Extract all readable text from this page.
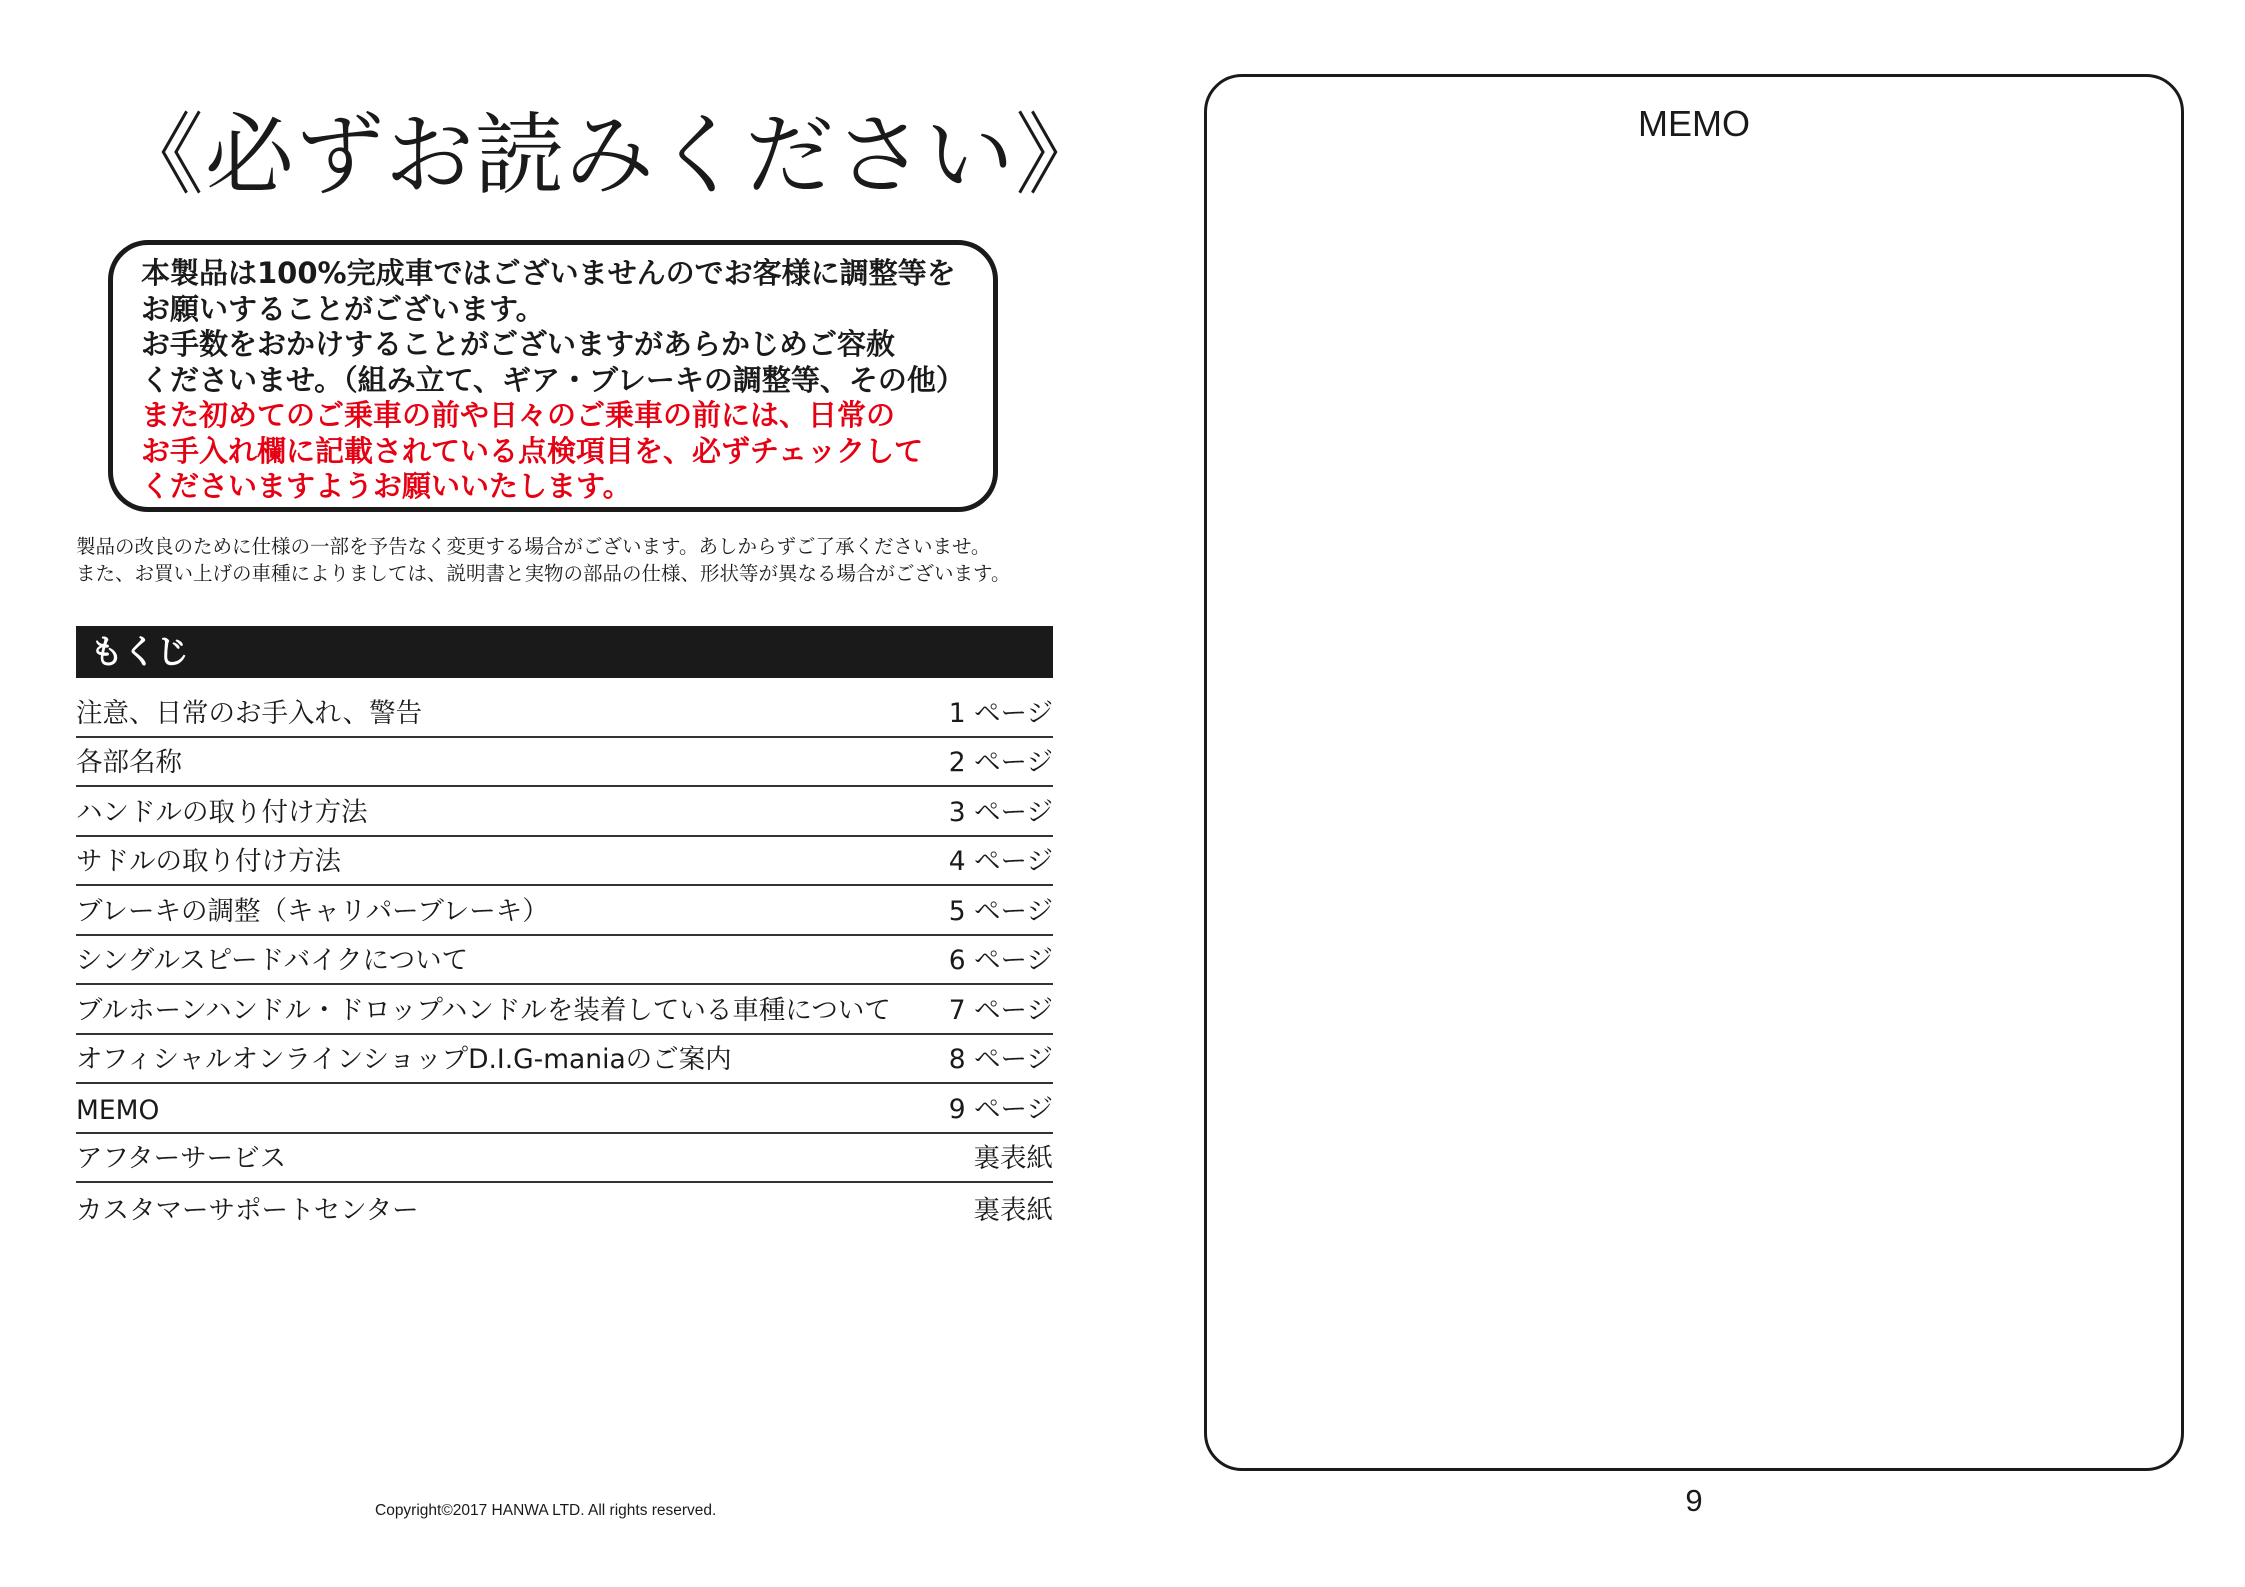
《必ずお読みください》
本製品は100%完成車ではございませんのでお客様に調整等を
お願いすることがございます。
お手数をおかけすることがございますがあらかじめご容赦
くださいませ。（組み立て、ギア・ブレーキの調整等、その他）
また初めてのご乗車の前や日々のご乗車の前には、日常の
お手入れ欄に記載されている点検項目を、必ずチェックして
くださいますようお願いいたします。
製品の改良のために仕様の一部を予告なく変更する場合がございます。あしからずご了承くださいませ。
また、お買い上げの車種によりましては、説明書と実物の部品の仕様、形状等が異なる場合がございます。
もくじ
注意、日常のお手入れ、警告	1 ページ
各部名称	2 ページ
ハンドルの取り付け方法	3 ページ
サドルの取り付け方法	4 ページ
ブレーキの調整（キャリパーブレーキ）	5 ページ
シングルスピードバイクについて	6 ページ
ブルホーンハンドル・ドロップハンドルを装着している車種について 7 ページ
オフィシャルオンラインショップD.I.G-maniaのご案内	8 ページ
MEMO	9 ページ
アフターサービス	裏表紙
カスタマーサポートセンター	裏表紙
Copyright©2017 HANWA LTD. All rights reserved.
MEMO
9
